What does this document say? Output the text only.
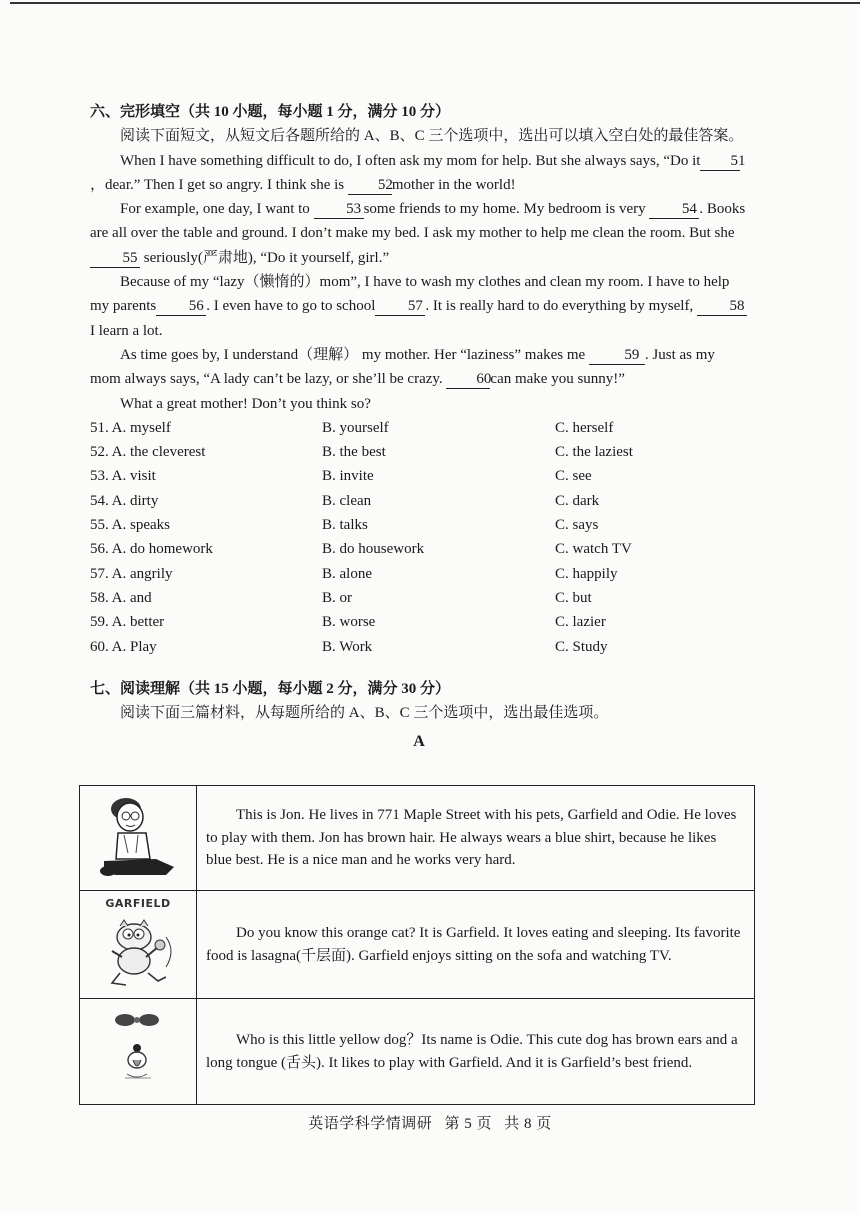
六、完形填空（共 10 小题，每小题 1 分，满分 10 分）

阅读下面短文，从短文后各题所给的 A、B、C 三个选项中，选出可以填入空白处的最佳答案。

When I have something difficult to do, I often ask my mom for help. But she always says, “Do it 51，dear.” Then I get so angry. I think she is 52mother in the world!

For example, one day, I want to 53 some friends to my home. My bedroom is very 54 . Books are all over the table and ground. I don’t make my bed. I ask my mother to help me clean the room. But she 55 seriously(严肃地), “Do it yourself, girl.”

Because of my “lazy（懒惰的）mom”, I have to wash my clothes and clean my room. I have to help my parents 56 . I even have to go to school 57 . It is really hard to do everything by myself, 58 I learn a lot.

As time goes by, I understand（理解） my mother. Her “laziness” makes me	59 . Just as my mom always says, “A lady can’t be lazy, or she’ll be crazy. 60can make you sunny!”

What a great mother! Don’t you think so?

51. A. myself	B. yourself	C. herself
52. A. the cleverest	B. the best	C. the laziest
53. A. visit	B. invite	C. see
54. A. dirty	B. clean	C. dark
55. A. speaks	B. talks	C. says
56. A. do homework	B. do housework	C. watch TV
57. A. angrily	B. alone	C. happily
58. A. and	B. or	C. but
59. A. better	B. worse	C. lazier
60. A. Play	B. Work	C. Study

七、阅读理解（共 15 小题，每小题 2 分，满分 30 分）

阅读下面三篇材料，从每题所给的 A、B、C 三个选项中，选出最佳选项。

A

This is Jon. He lives in 771 Maple Street with his pets, Garfield and Odie. He loves to play with them. Jon has brown hair. He always wears a blue shirt, because he likes blue best. He is a nice man and he works very hard.

GARFIELD	Do you know this orange cat? It is Garfield. It loves eating and sleeping. Its favorite food is lasagna(千层面). Garfield enjoys sitting on the sofa and watching TV.

Who is this little yellow dog？Its name is Odie. This cute dog has brown ears and a long tongue (舌头). It likes to play with Garfield. And it is Garfield’s best friend.

英语学科学情调研 第 5 页 共 8 页
